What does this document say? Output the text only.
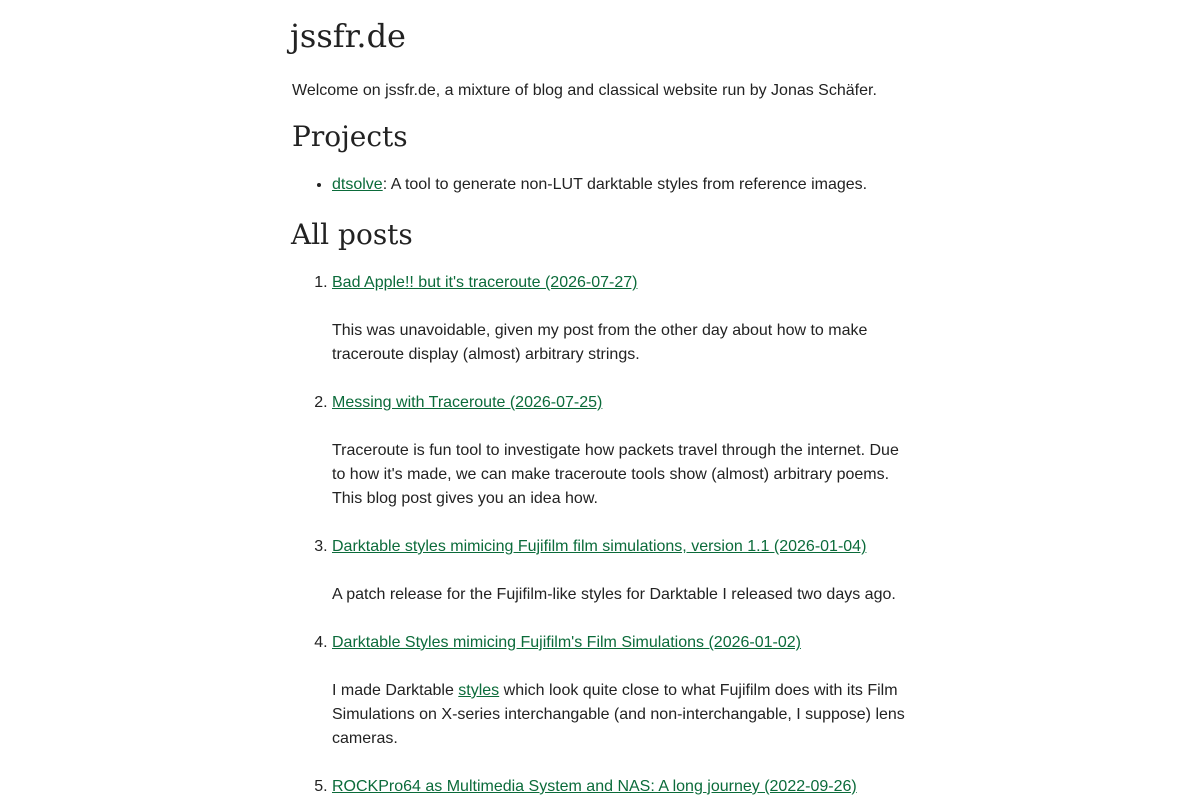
jssfr.de

Welcome on jssfr.de, a mixture of blog and classical website run by Jonas Schäfer.

Projects
• dtsolve: A tool to generate non-LUT darktable styles from reference images.
All posts
1. Bad Apple!! but it's traceroute (2026-07-27)

This was unavoidable, given my post from the other day about how to make traceroute display (almost) arbitrary strings.

2. Messing with Traceroute (2026-07-25)

Traceroute is fun tool to investigate how packets travel through the internet. Due to how it's made, we can make traceroute tools show (almost) arbitrary poems. This blog post gives you an idea how.

3. Darktable styles mimicing Fujifilm film simulations, version 1.1 (2026-01-04)

A patch release for the Fujifilm-like styles for Darktable I released two days ago.

4. Darktable Styles mimicing Fujifilm's Film Simulations (2026-01-02)

I made Darktable styles which look quite close to what Fujifilm does with its Film Simulations on X-series interchangable (and non-interchangable, I suppose) lens cameras.

5. ROCKPro64 as Multimedia System and NAS: A long journey (2022-09-26)
